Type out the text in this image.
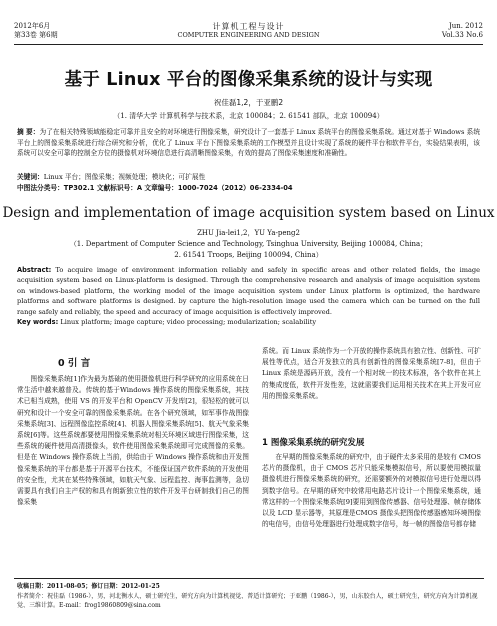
2012年6月
第33卷 第6期
计算机工程与设计
COMPUTER ENGINEERING AND DESIGN
Jun. 2012
Vol.33 No.6
基于 Linux 平台的图像采集系统的设计与实现
祝佳磊1,2，于亚鹏2
（1. 清华大学 计算机科学与技术系，北京 100084；2. 61541 部队，北京 100094）
摘 要：为了在相关特殊领域能稳定可靠并且安全的对环境进行图像采集，研究设计了一套基于 Linux 系统平台的图像采集系统。通过对基于 Windows 系统平台上的图像采集系统进行综合研究和分析，优化了 Linux 平台下图像采集系统的工作模型并且设计实现了系统的硬件平台和软件平台，实验结果表明，该系统可以安全可靠的控制全方位的摄像机对环境信息进行高清晰图像采集，有效的提高了图像采集速度和准确性。
关键词：Linux 平台；图像采集；视频处理；模块化；可扩展性
中图法分类号：TP302.1 文献标识号：A 文章编号：1000-7024（2012）06-2334-04
Design and implementation of image acquisition system based on Linux
ZHU Jia-lei1,2，YU Ya-peng2
（1. Department of Computer Science and Technology, Tsinghua University, Beijing 100084, China；
2. 61541 Troops, Beijing 100094, China）
Abstract: To acquire image of environment information reliably and safely in specific areas and other related fields, the image acquisition system based on Linux-platform is designed. Through the comprehensive research and analysis of image acquisition system on windows-based platform, the working model of the image acquisition system under Linux platform is optimized, the hardware platforms and software platforms is designed. by capture the high-resolution image used the camera which can be turned on the full range safely and reliably, the speed and accuracy of image acquisition is effectively improved.
Key words: Linux platform; image capture; video processing; modularization; scalability
0 引 言
图像采集系统[1]作为最为基础的使用摄像机进行科学研究的应用系统在日常生活中越来越普及。传统的基于Windows 操作系统的图像采集系统，其技术已相当成熟，使用 VS 的开发平台和 OpenCV 开发库[2]，很轻松的就可以研究和设计一个安全可靠的图像采集系统。在各个研究领域，如军事作战图像采集系统[3]、远程图像监控系统[4]、机器人图像采集系统[5]、航天气象采集系统[6]等。这些系统都要使用图像采集系统对相关环境区域进行图像采集，这些系统的硬件使用高清摄像头，软件使用图像采集系统即可完成图像的采集。但是在 Windows 操作系统上当前，供给由于 Windows 操作系统和由开发图像采集系统的平台都是基于开源平台技术，不能保证国产软件系统的开发使用的安全性，尤其在某些特殊领域，如航天气象、远程监控、海事监测等，急切需要具有我们自主产权的和具有朗新独立性的软件开发平台研制我们自己的图像采集
系统。而 Linux 系统作为一个开放的操作系统具有独立性、创新性、可扩展性等优点，适合开发独立的具有创新性的图像采集系统[7-8]，但由于 Linux 系统是源码开放，没有一个相对统一的技术标准，各个软件在其上的集成度低，软件开发性差，这就需要我们运用相关技术在其上开发可应用的图像采集系统。
1 图像采集系统的研究发展
在早期的图像采集系统的研究中，由于硬件太多采用的是较有 CMOS 芯片的摄像机，由于 CMOS 芯片只能采集模拟信号，所以要使用模拟量摄像机进行图像采集系统的研究，还需要额外的对模拟信号进行处理以得到数字信号。在早期的研究中较常用电路芯片设计一个图像采集系统，通常这样的一个图像采集系统[9]要用到图像传感器、信号处理器、帧存储体以及 LCD 显示器等，其原理是CMOS 摄像头把图像传感器感知环境图像的电信号，由信号处理器进行处理成数字信号，每一帧的图像信号都存储
收稿日期：2011-08-05；修订日期：2012-01-25
作者简介：祝佳磊（1986-），男，河北衡水人，硕士研究生，研究方向为计算机视觉、普适计算研究；于亚鹏（1986-），男，山东胶台人，硕士研究生，研究方向为计算机视觉、三维计算。E-mail：frog19860809@sina.com
